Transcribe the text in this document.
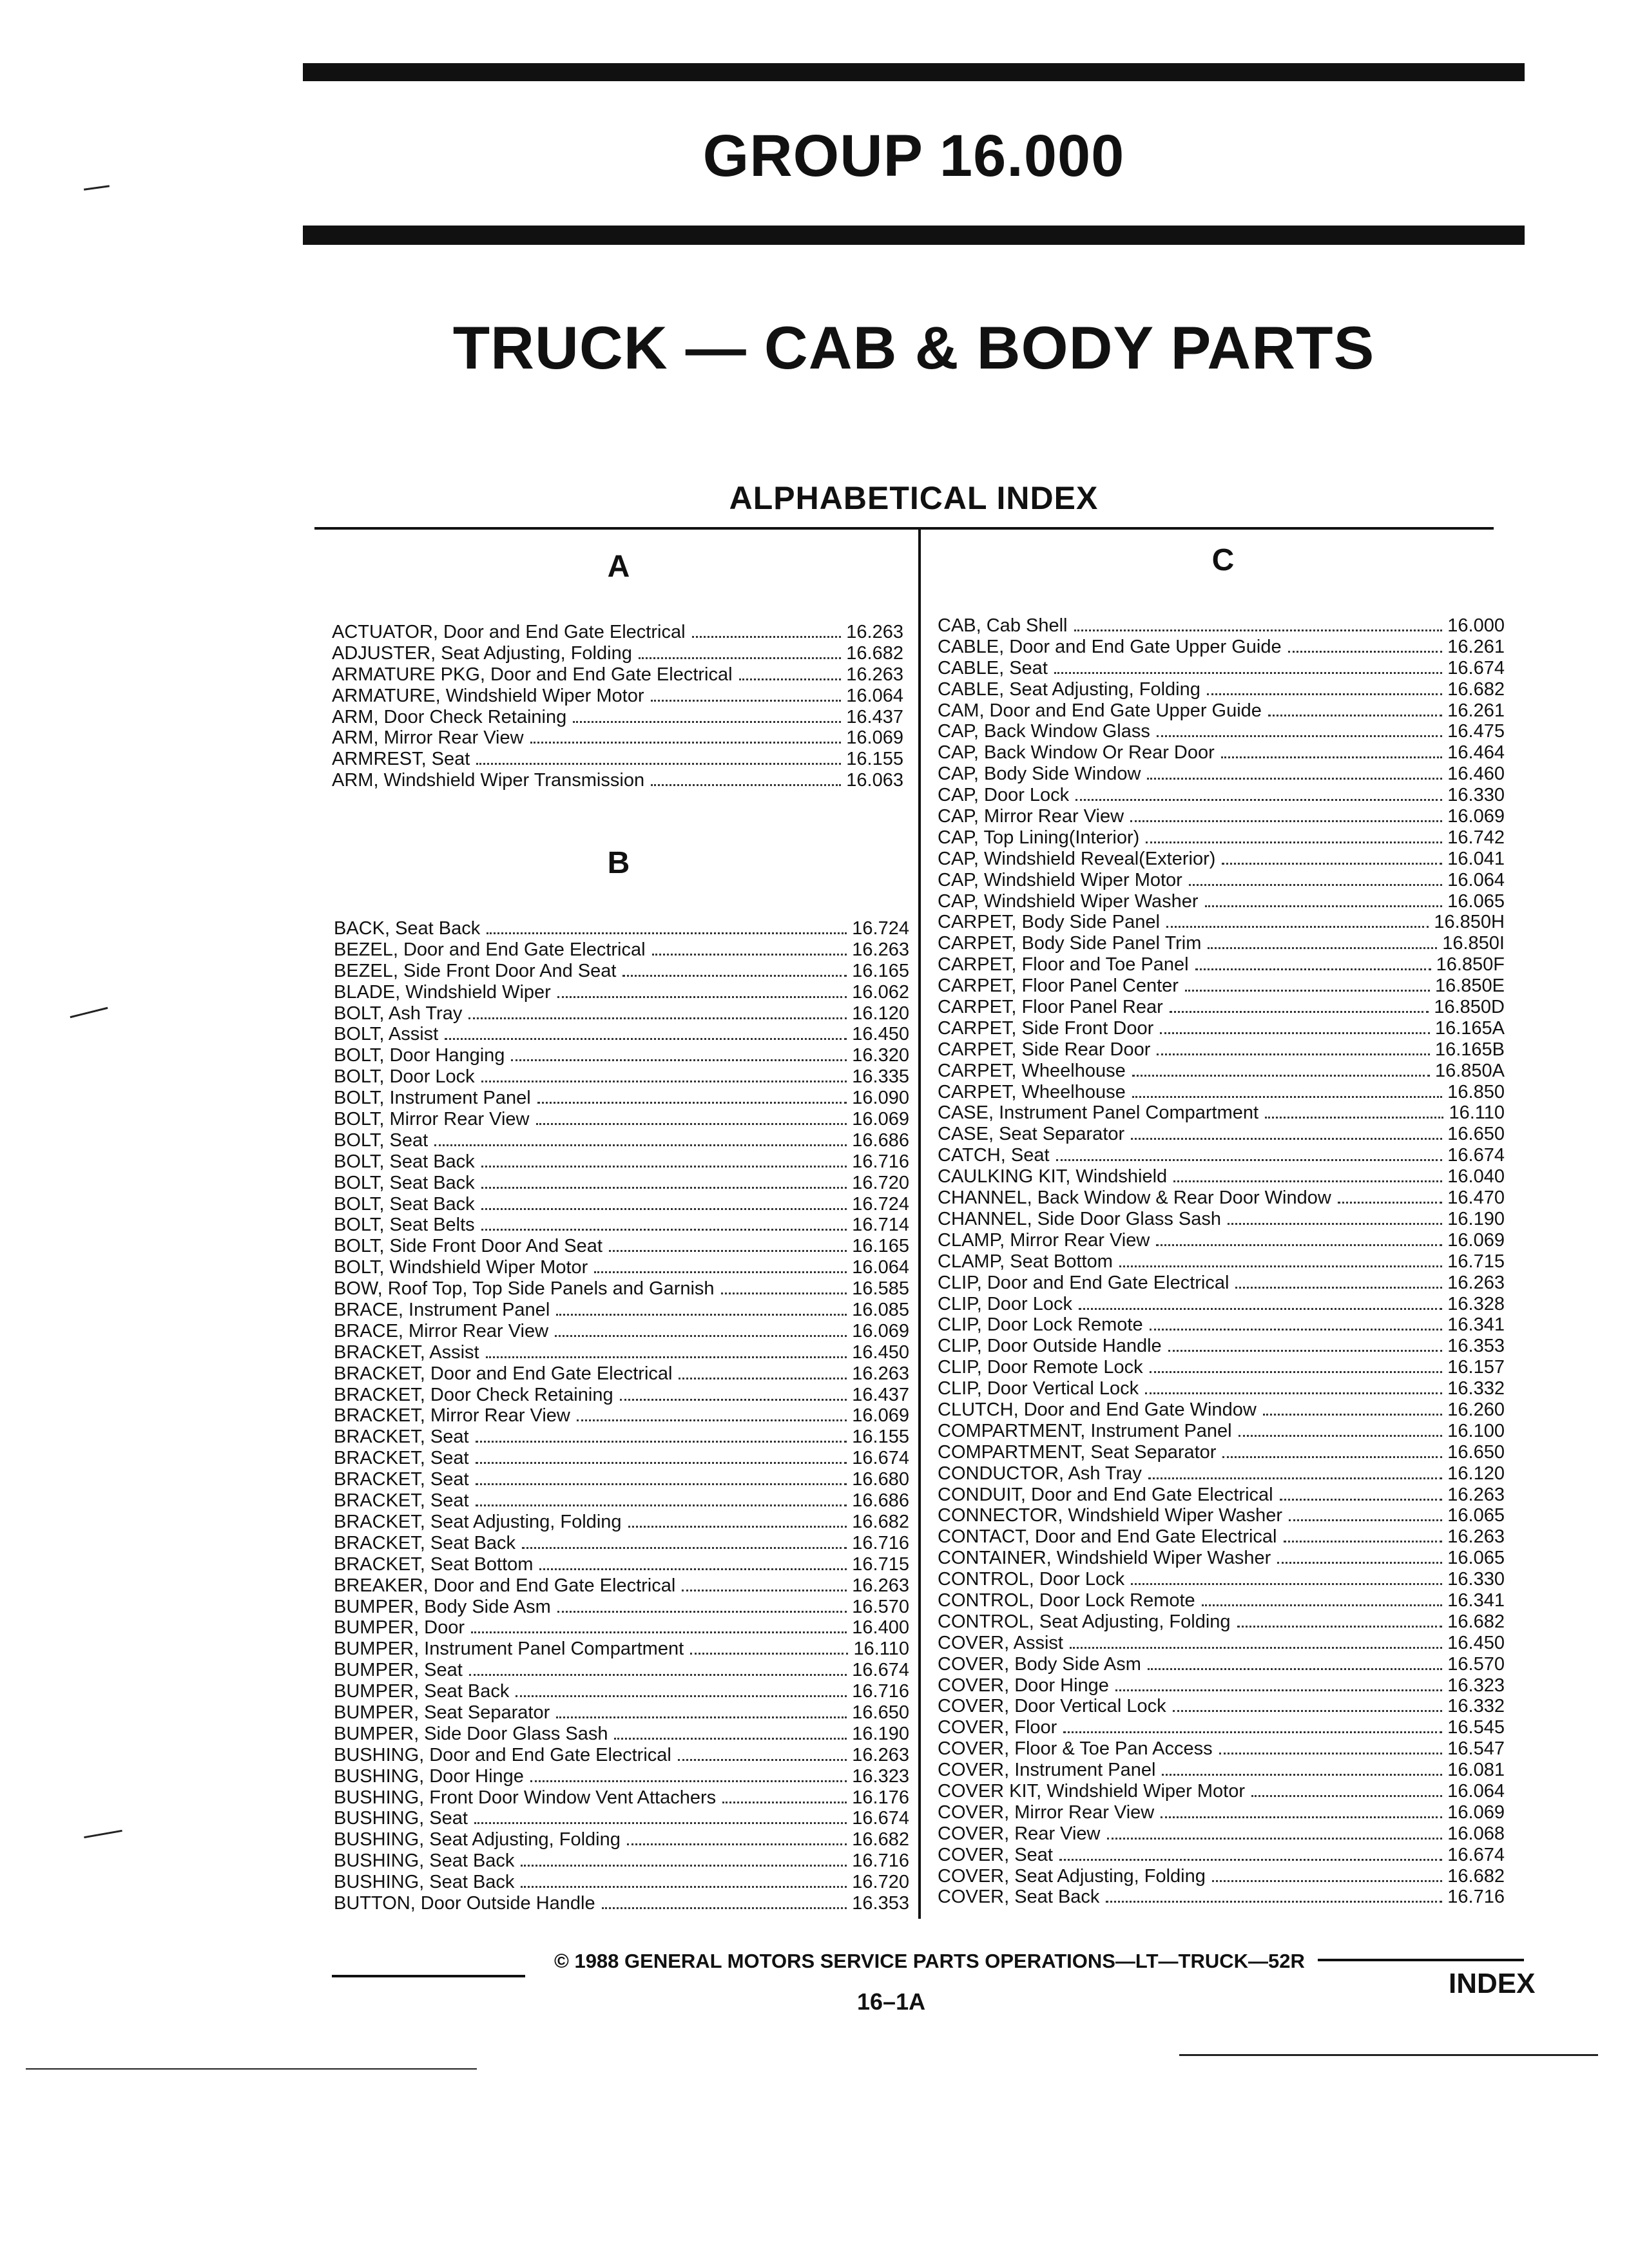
GROUP 16.000
TRUCK — CAB & BODY PARTS
ALPHABETICAL INDEX
A
ACTUATOR, Door and End Gate Electrical	16.263
ADJUSTER, Seat Adjusting, Folding	16.682
ARMATURE PKG, Door and End Gate Electrical	16.263
ARMATURE, Windshield Wiper Motor	16.064
ARM, Door Check Retaining	16.437
ARM, Mirror Rear View	16.069
ARMREST, Seat	16.155
ARM, Windshield Wiper Transmission	16.063
B
BACK, Seat Back	16.724
BEZEL, Door and End Gate Electrical	16.263
BEZEL, Side Front Door And Seat	16.165
BLADE, Windshield Wiper	16.062
BOLT, Ash Tray	16.120
BOLT, Assist	16.450
BOLT, Door Hanging	16.320
BOLT, Door Lock	16.335
BOLT, Instrument Panel	16.090
BOLT, Mirror Rear View	16.069
BOLT, Seat	16.686
BOLT, Seat Back	16.716
BOLT, Seat Back	16.720
BOLT, Seat Back	16.724
BOLT, Seat Belts	16.714
BOLT, Side Front Door And Seat	16.165
BOLT, Windshield Wiper Motor	16.064
BOW, Roof Top, Top Side Panels and Garnish	16.585
BRACE, Instrument Panel	16.085
BRACE, Mirror Rear View	16.069
BRACKET, Assist	16.450
BRACKET, Door and End Gate Electrical	16.263
BRACKET, Door Check Retaining	16.437
BRACKET, Mirror Rear View	16.069
BRACKET, Seat	16.155
BRACKET, Seat	16.674
BRACKET, Seat	16.680
BRACKET, Seat	16.686
BRACKET, Seat Adjusting, Folding	16.682
BRACKET, Seat Back	16.716
BRACKET, Seat Bottom	16.715
BREAKER, Door and End Gate Electrical	16.263
BUMPER, Body Side Asm	16.570
BUMPER, Door	16.400
BUMPER, Instrument Panel Compartment	16.110
BUMPER, Seat	16.674
BUMPER, Seat Back	16.716
BUMPER, Seat Separator	16.650
BUMPER, Side Door Glass Sash	16.190
BUSHING, Door and End Gate Electrical	16.263
BUSHING, Door Hinge	16.323
BUSHING, Front Door Window Vent Attachers	16.176
BUSHING, Seat	16.674
BUSHING, Seat Adjusting, Folding	16.682
BUSHING, Seat Back	16.716
BUSHING, Seat Back	16.720
BUTTON, Door Outside Handle	16.353
C
CAB, Cab Shell	16.000
CABLE, Door and End Gate Upper Guide	16.261
CABLE, Seat	16.674
CABLE, Seat Adjusting, Folding	16.682
CAM, Door and End Gate Upper Guide	16.261
CAP, Back Window Glass	16.475
CAP, Back Window Or Rear Door	16.464
CAP, Body Side Window	16.460
CAP, Door Lock	16.330
CAP, Mirror Rear View	16.069
CAP, Top Lining(Interior)	16.742
CAP, Windshield Reveal(Exterior)	16.041
CAP, Windshield Wiper Motor	16.064
CAP, Windshield Wiper Washer	16.065
CARPET, Body Side Panel	16.850H
CARPET, Body Side Panel Trim	16.850I
CARPET, Floor and Toe Panel	16.850F
CARPET, Floor Panel Center	16.850E
CARPET, Floor Panel Rear	16.850D
CARPET, Side Front Door	16.165A
CARPET, Side Rear Door	16.165B
CARPET, Wheelhouse	16.850A
CARPET, Wheelhouse	16.850
CASE, Instrument Panel Compartment	16.110
CASE, Seat Separator	16.650
CATCH, Seat	16.674
CAULKING KIT, Windshield	16.040
CHANNEL, Back Window & Rear Door Window	16.470
CHANNEL, Side Door Glass Sash	16.190
CLAMP, Mirror Rear View	16.069
CLAMP, Seat Bottom	16.715
CLIP, Door and End Gate Electrical	16.263
CLIP, Door Lock	16.328
CLIP, Door Lock Remote	16.341
CLIP, Door Outside Handle	16.353
CLIP, Door Remote Lock	16.157
CLIP, Door Vertical Lock	16.332
CLUTCH, Door and End Gate Window	16.260
COMPARTMENT, Instrument Panel	16.100
COMPARTMENT, Seat Separator	16.650
CONDUCTOR, Ash Tray	16.120
CONDUIT, Door and End Gate Electrical	16.263
CONNECTOR, Windshield Wiper Washer	16.065
CONTACT, Door and End Gate Electrical	16.263
CONTAINER, Windshield Wiper Washer	16.065
CONTROL, Door Lock	16.330
CONTROL, Door Lock Remote	16.341
CONTROL, Seat Adjusting, Folding	16.682
COVER, Assist	16.450
COVER, Body Side Asm	16.570
COVER, Door Hinge	16.323
COVER, Door Vertical Lock	16.332
COVER, Floor	16.545
COVER, Floor & Toe Pan Access	16.547
COVER, Instrument Panel	16.081
COVER KIT, Windshield Wiper Motor	16.064
COVER, Mirror Rear View	16.069
COVER, Rear View	16.068
COVER, Seat	16.674
COVER, Seat Adjusting, Folding	16.682
COVER, Seat Back	16.716
© 1988 GENERAL MOTORS SERVICE PARTS OPERATIONS—LT—TRUCK—52R
16–1A
INDEX
